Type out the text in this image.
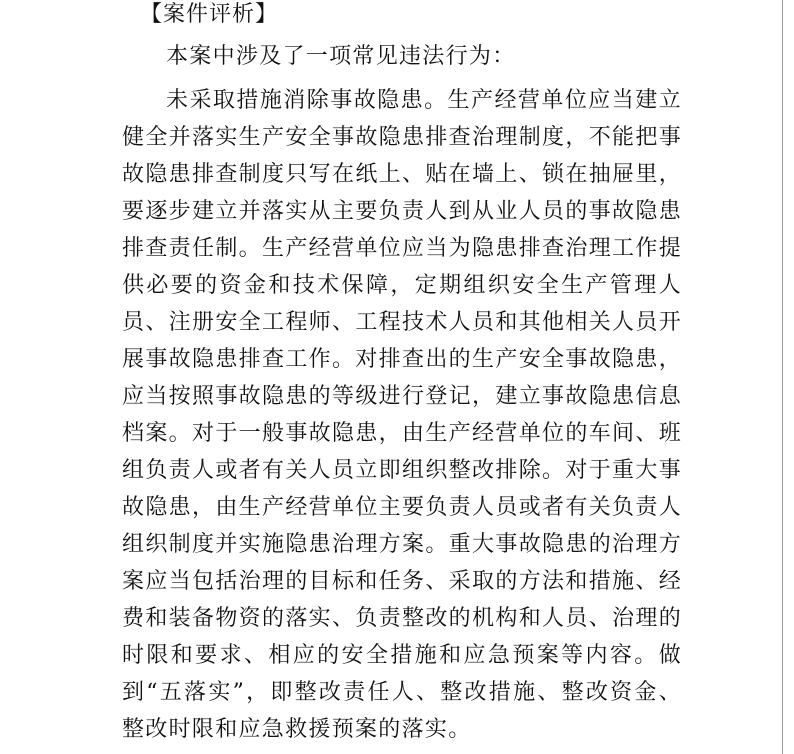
【案件评析】

本案中涉及了一项常见违法行为：

未采取措施消除事故隐患。生产经营单位应当建立健全并落实生产安全事故隐患排查治理制度，不能把事故隐患排查制度只写在纸上、贴在墙上、锁在抽屉里，要逐步建立并落实从主要负责人到从业人员的事故隐患排查责任制。生产经营单位应当为隐患排查治理工作提供必要的资金和技术保障，定期组织安全生产管理人员、注册安全工程师、工程技术人员和其他相关人员开展事故隐患排查工作。对排查出的生产安全事故隐患，应当按照事故隐患的等级进行登记，建立事故隐患信息档案。对于一般事故隐患，由生产经营单位的车间、班组负责人或者有关人员立即组织整改排除。对于重大事故隐患，由生产经营单位主要负责人员或者有关负责人组织制度并实施隐患治理方案。重大事故隐患的治理方案应当包括治理的目标和任务、采取的方法和措施、经费和装备物资的落实、负责整改的机构和人员、治理的时限和要求、相应的安全措施和应急预案等内容。做到“五落实”，即整改责任人、整改措施、整改资金、整改时限和应急救援预案的落实。
